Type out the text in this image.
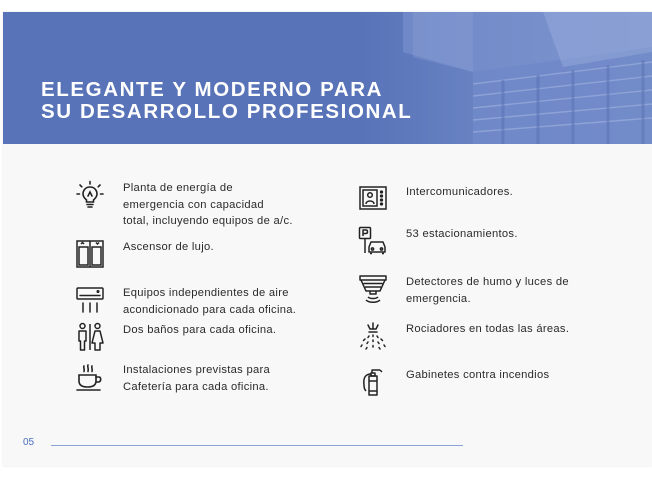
ELEGANTE Y MODERNO PARA
SU DESARROLLO PROFESIONAL
Planta de energía de
emergencia con capacidad
total, incluyendo equipos de a/c.
Ascensor de lujo.
Equipos independientes de aire
acondicionado para cada oficina.
Dos baños para cada oficina.
Instalaciones previstas para
Cafetería para cada oficina.
Intercomunicadores.
53 estacionamientos.
Detectores de humo y luces de
emergencia.
Rociadores en todas las áreas.
Gabinetes contra incendios
05
